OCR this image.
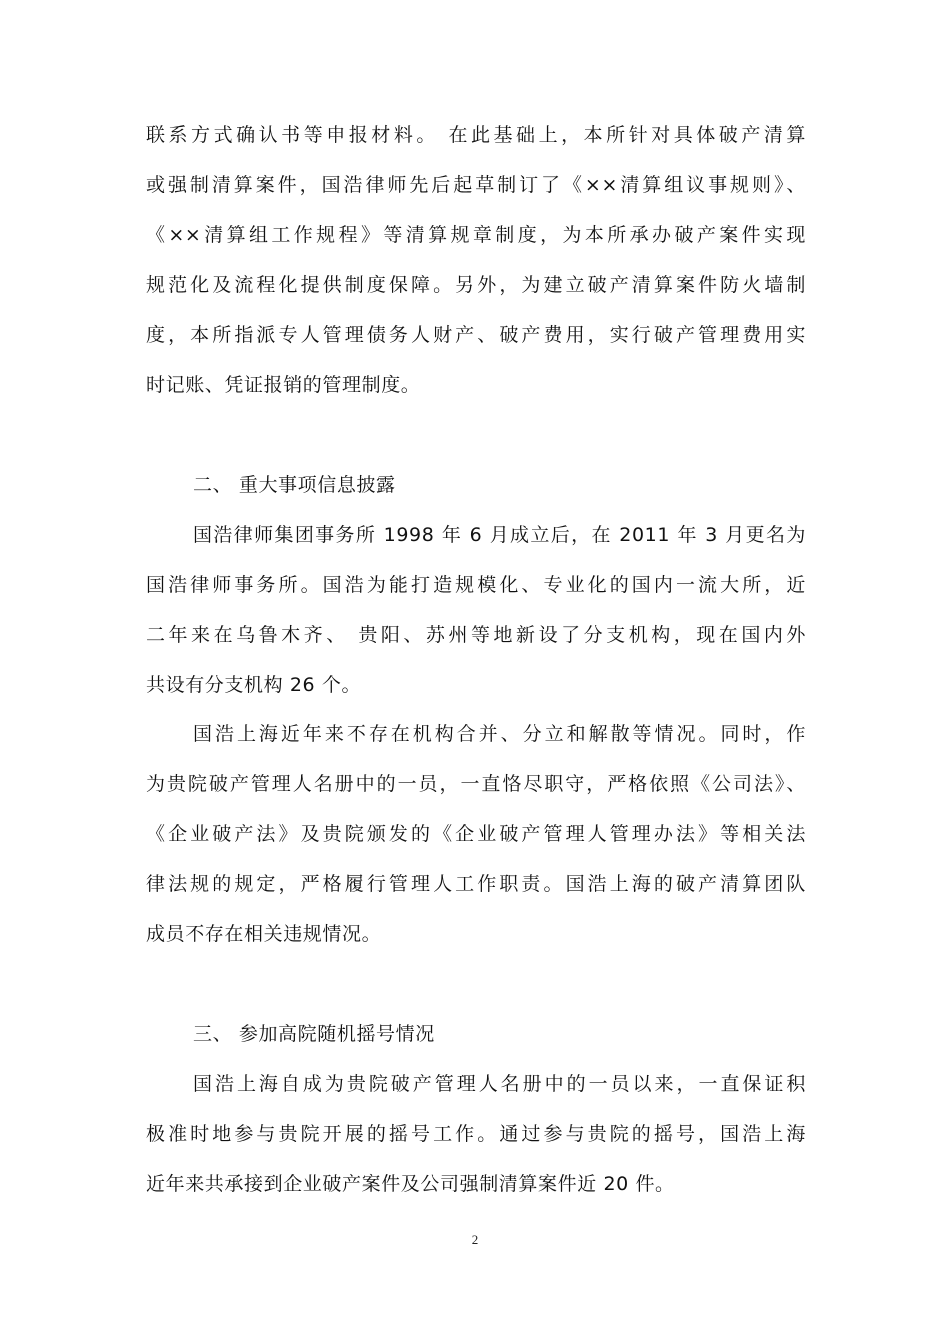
联系方式确认书等申报材料。 在此基础上，本所针对具体破产清算
或强制清算案件，国浩律师先后起草制订了《××清算组议事规则》、
《××清算组工作规程》等清算规章制度，为本所承办破产案件实现
规范化及流程化提供制度保障。另外，为建立破产清算案件防火墙制
度，本所指派专人管理债务人财产、破产费用，实行破产管理费用实
时记账、凭证报销的管理制度。
二、 重大事项信息披露
国浩律师集团事务所 1998 年 6 月成立后，在 2011 年 3 月更名为
国浩律师事务所。国浩为能打造规模化、专业化的国内一流大所，近
二年来在乌鲁木齐、 贵阳、苏州等地新设了分支机构，现在国内外
共设有分支机构 26 个。
国浩上海近年来不存在机构合并、分立和解散等情况。同时，作
为贵院破产管理人名册中的一员，一直恪尽职守，严格依照《公司法》、
《企业破产法》及贵院颁发的《企业破产管理人管理办法》等相关法
律法规的规定，严格履行管理人工作职责。国浩上海的破产清算团队
成员不存在相关违规情况。
三、 参加高院随机摇号情况
国浩上海自成为贵院破产管理人名册中的一员以来，一直保证积
极准时地参与贵院开展的摇号工作。通过参与贵院的摇号，国浩上海
近年来共承接到企业破产案件及公司强制清算案件近 20 件。
2
